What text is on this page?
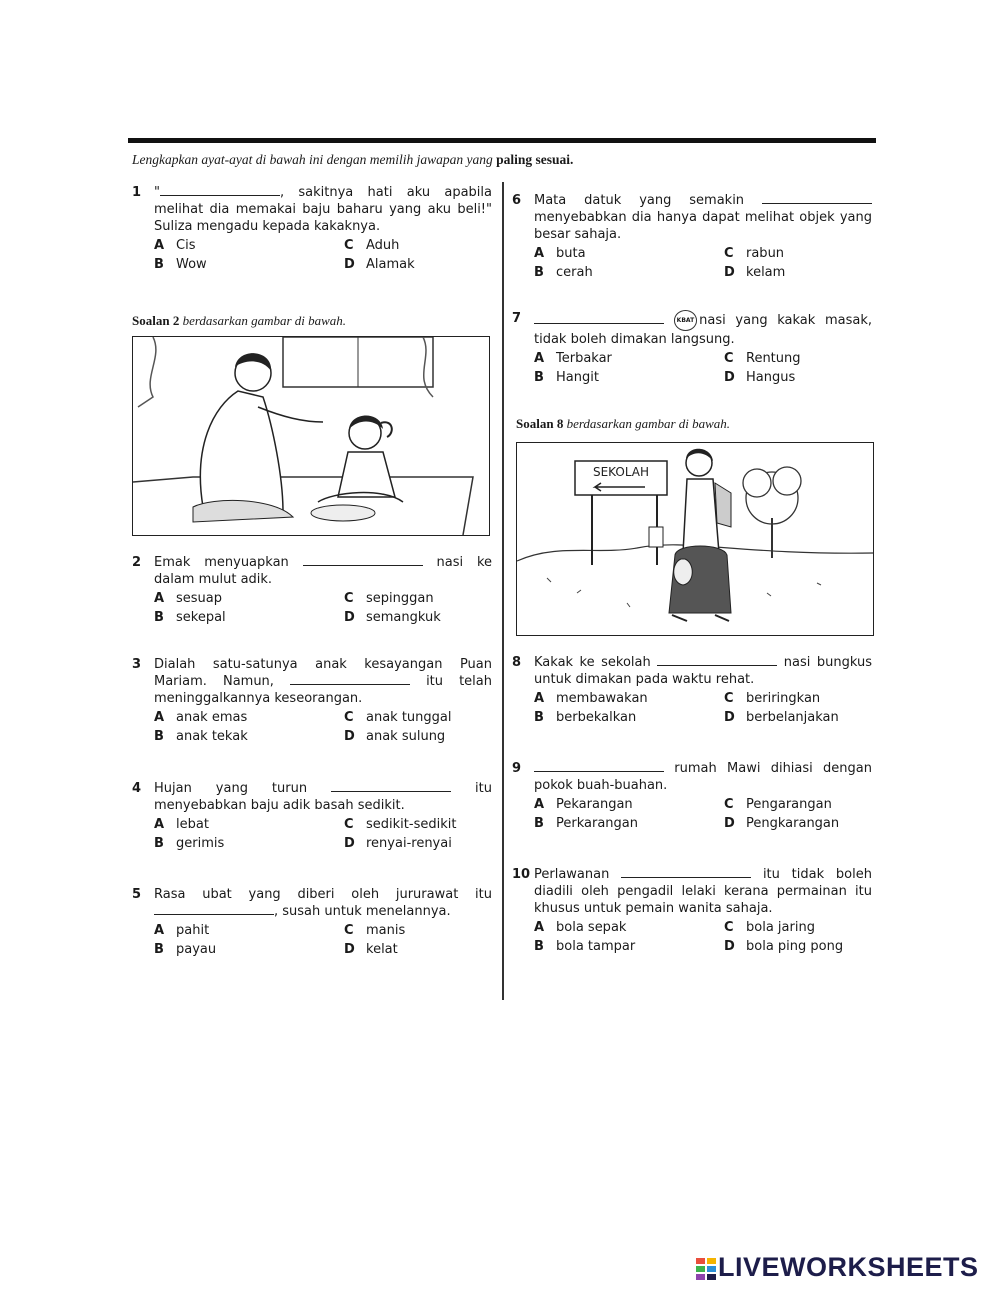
Lengkapkan ayat-ayat di bawah ini dengan memilih jawapan yang paling sesuai.
1 "	, sakitnya hati aku apabila melihat dia memakai baju baharu yang aku beli!" Suliza mengadu kepada kakaknya.
A Cis	C Aduh
B Wow	D Alamak
Soalan 2 berdasarkan gambar di bawah.
2 Emak menyuapkan	nasi ke dalam mulut adik.
A sesuap	C sepinggan
B sekepal	D semangkuk
3 Dialah satu-satunya anak kesayangan Puan Mariam. Namun,	itu telah meninggalkannya keseorangan.
A anak emas	C anak tunggal
B anak tekak	D anak sulung
4 Hujan yang turun	itu menyebabkan baju adik basah sedikit.
A lebat	C sedikit-sedikit
B gerimis	D renyai-renyai
5 Rasa ubat yang diberi oleh jururawat itu , susah untuk menelannya.
A pahit	C manis
B payau	D kelat
6 Mata datuk yang semakin  menyebabkan dia hanya dapat melihat objek yang besar sahaja.
A buta	C rabun
B cerah	D kelam
7	KBAT nasi yang kakak masak, tidak boleh dimakan langsung.
A Terbakar	C Rentung
B Hangit	D Hangus
Soalan 8 berdasarkan gambar di bawah.
SEKOLAH
8 Kakak ke sekolah	nasi bungkus untuk dimakan pada waktu rehat.
A membawakan	C beriringkan
B berbekalkan	D berbelanjakan
9	rumah Mawi dihiasi dengan pokok buah-buahan.
A Pekarangan	C Pengarangan
B Perkarangan	D Pengkarangan
10 Perlawanan	itu tidak boleh diadili oleh pengadil lelaki kerana permainan itu khusus untuk pemain wanita sahaja.
A bola sepak	C bola jaring
B bola tampar	D bola ping pong
LIVEWORKSHEETS
